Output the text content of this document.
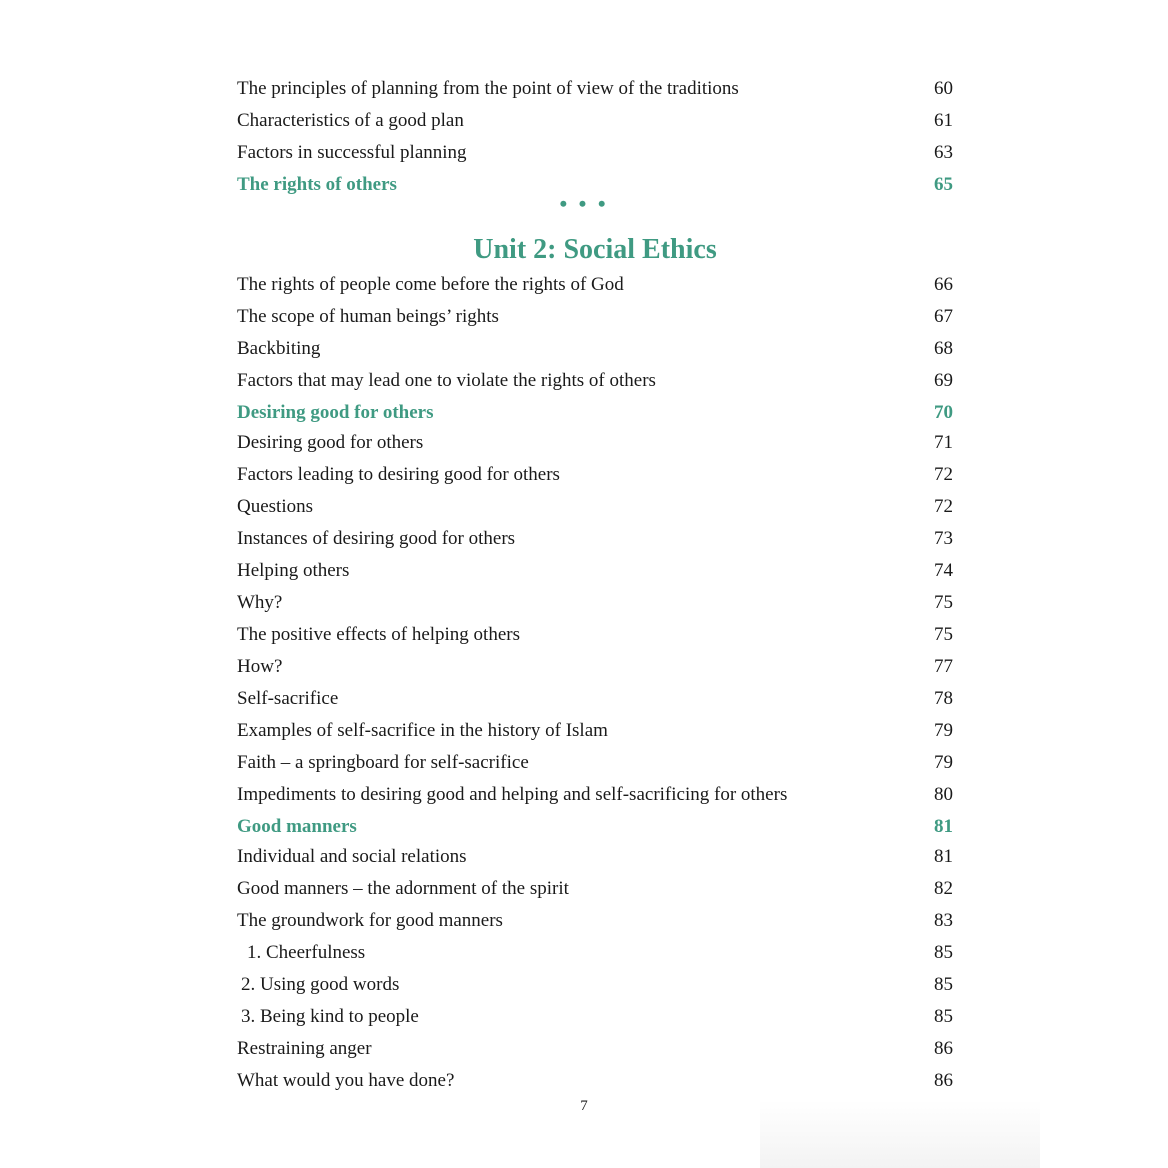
The principles of planning from the point of view of the traditions	60
Characteristics of a good plan	61
Factors in successful planning	63
The rights of others	65
• • •
Unit 2: Social Ethics
The rights of people come before the rights of God	66
The scope of human beings’ rights	67
Backbiting	68
Factors that may lead one to violate the rights of others	69
Desiring good for others	70
Desiring good for others	71
Factors leading to desiring good for others	72
Questions	72
Instances of desiring good for others	73
Helping others	74
Why?	75
The positive effects of helping others	75
How?	77
Self-sacrifice	78
Examples of self-sacrifice in the history of Islam	79
Faith – a springboard for self-sacrifice	79
Impediments to desiring good and helping and self-sacrificing for others	80
Good manners	81
Individual and social relations	81
Good manners – the adornment of the spirit	82
The groundwork for good manners	83
1. Cheerfulness	85
2. Using good words	85
3. Being kind to people	85
Restraining anger	86
What would you have done?	86
7
